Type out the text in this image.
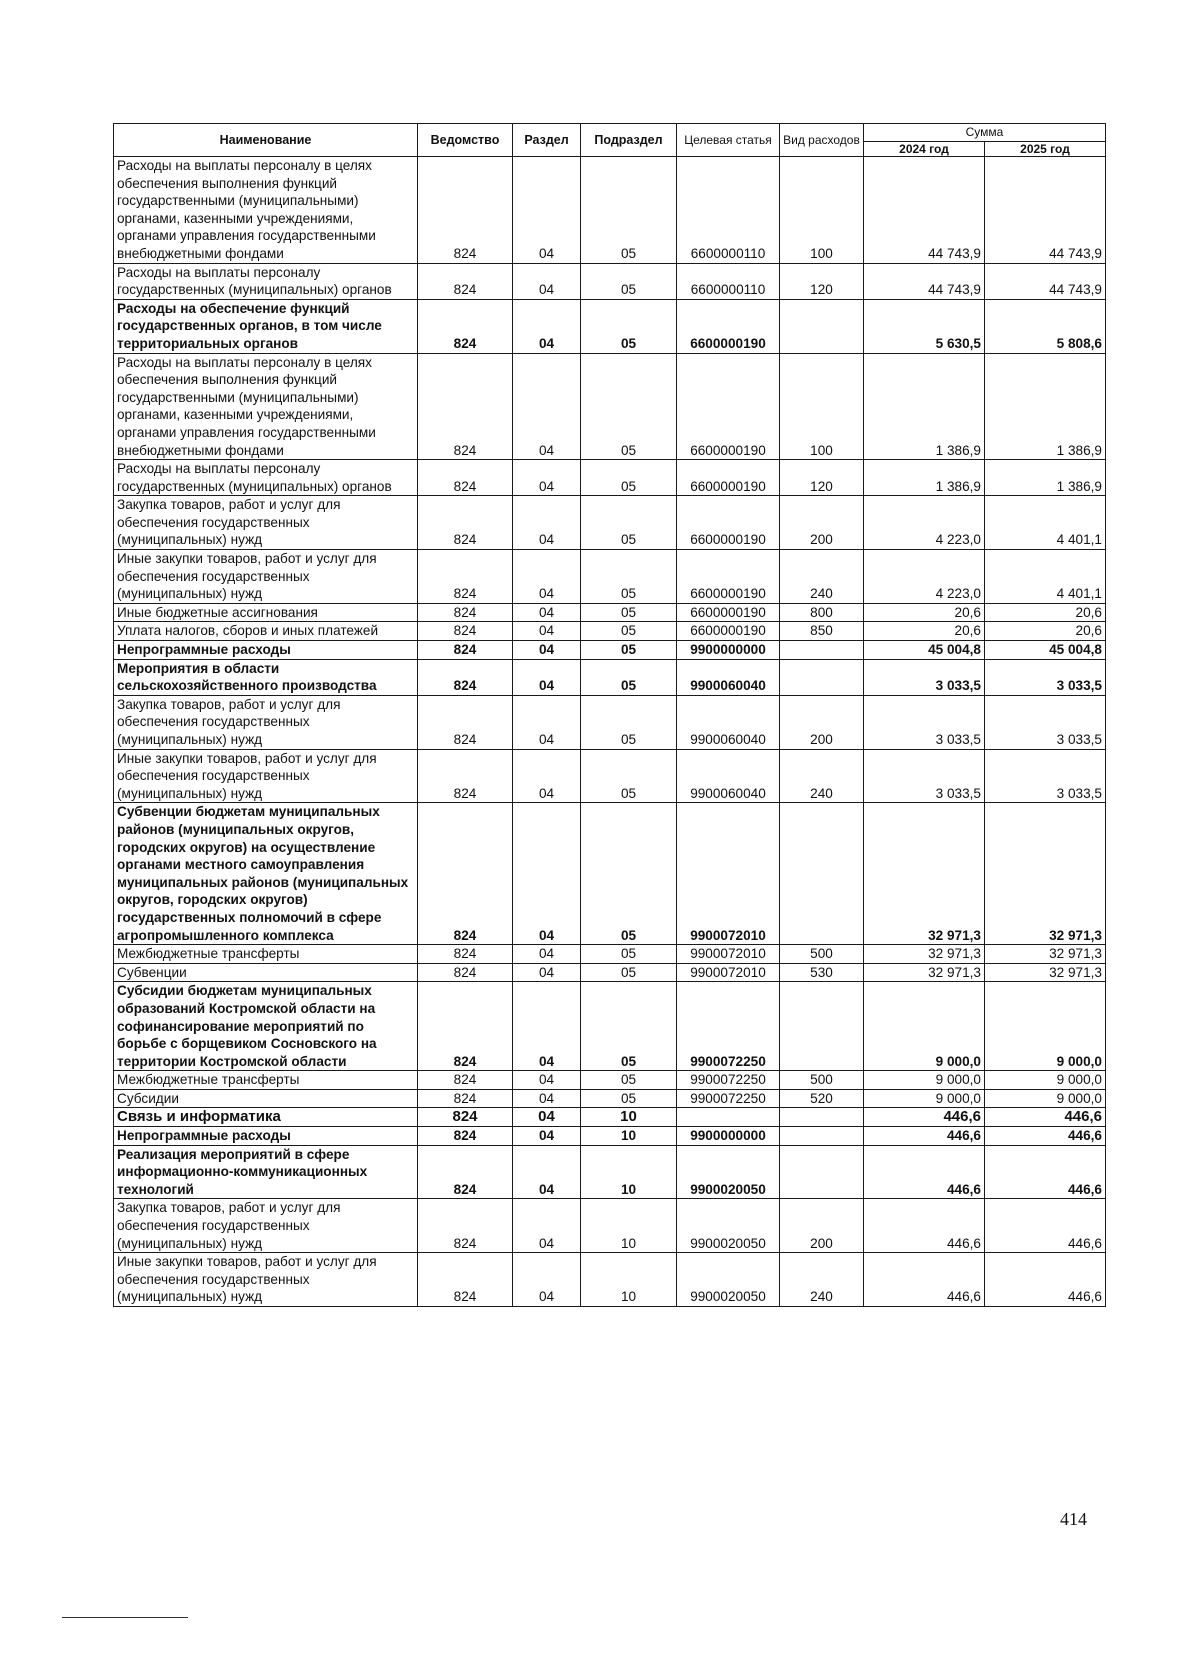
Наименование	Ведомство	Раздел	Подраздел	Целевая статья	Вид расходов	Сумма	
						2024 год	2025 год
Расходы на выплаты персоналу в целях обеспечения выполнения функций государственными (муниципальными) органами, казенными учреждениями, органами управления государственными внебюджетными фондами	824	04	05	6600000110	100	44 743,9	44 743,9
Расходы на выплаты персоналу государственных (муниципальных) органов	824	04	05	6600000110	120	44 743,9	44 743,9
Расходы на обеспечение функций государственных органов, в том числе территориальных органов	824	04	05	6600000190		5 630,5	5 808,6
Расходы на выплаты персоналу в целях обеспечения выполнения функций государственными (муниципальными) органами, казенными учреждениями, органами управления государственными внебюджетными фондами	824	04	05	6600000190	100	1 386,9	1 386,9
Расходы на выплаты персоналу государственных (муниципальных) органов	824	04	05	6600000190	120	1 386,9	1 386,9
Закупка товаров, работ и услуг для обеспечения государственных (муниципальных) нужд	824	04	05	6600000190	200	4 223,0	4 401,1
Иные закупки товаров, работ и услуг для обеспечения государственных (муниципальных) нужд	824	04	05	6600000190	240	4 223,0	4 401,1
Иные бюджетные ассигнования	824	04	05	6600000190	800	20,6	20,6
Уплата налогов, сборов и иных платежей	824	04	05	6600000190	850	20,6	20,6
Непрограммные расходы	824	04	05	9900000000		45 004,8	45 004,8
Мероприятия в области сельскохозяйственного производства	824	04	05	9900060040		3 033,5	3 033,5
Закупка товаров, работ и услуг для обеспечения государственных (муниципальных) нужд	824	04	05	9900060040	200	3 033,5	3 033,5
Иные закупки товаров, работ и услуг для обеспечения государственных (муниципальных) нужд	824	04	05	9900060040	240	3 033,5	3 033,5
Субвенции бюджетам муниципальных районов (муниципальных округов, городских округов) на осуществление органами местного самоуправления муниципальных районов (муниципальных округов, городских округов) государственных полномочий в сфере агропромышленного комплекса	824	04	05	9900072010		32 971,3	32 971,3
Межбюджетные трансферты	824	04	05	9900072010	500	32 971,3	32 971,3
Субвенции	824	04	05	9900072010	530	32 971,3	32 971,3
Субсидии бюджетам муниципальных образований Костромской области на софинансирование мероприятий по борьбе с борщевиком Сосновского на территории Костромской области	824	04	05	9900072250		9 000,0	9 000,0
Межбюджетные трансферты	824	04	05	9900072250	500	9 000,0	9 000,0
Субсидии	824	04	05	9900072250	520	9 000,0	9 000,0
Связь и информатика	824	04	10			446,6	446,6
Непрограммные расходы	824	04	10	9900000000		446,6	446,6
Реализация мероприятий в сфере информационно-коммуникационных технологий	824	04	10	9900020050		446,6	446,6
Закупка товаров, работ и услуг для обеспечения государственных (муниципальных) нужд	824	04	10	9900020050	200	446,6	446,6
Иные закупки товаров, работ и услуг для обеспечения государственных (муниципальных) нужд	824	04	10	9900020050	240	446,6	446,6
414
